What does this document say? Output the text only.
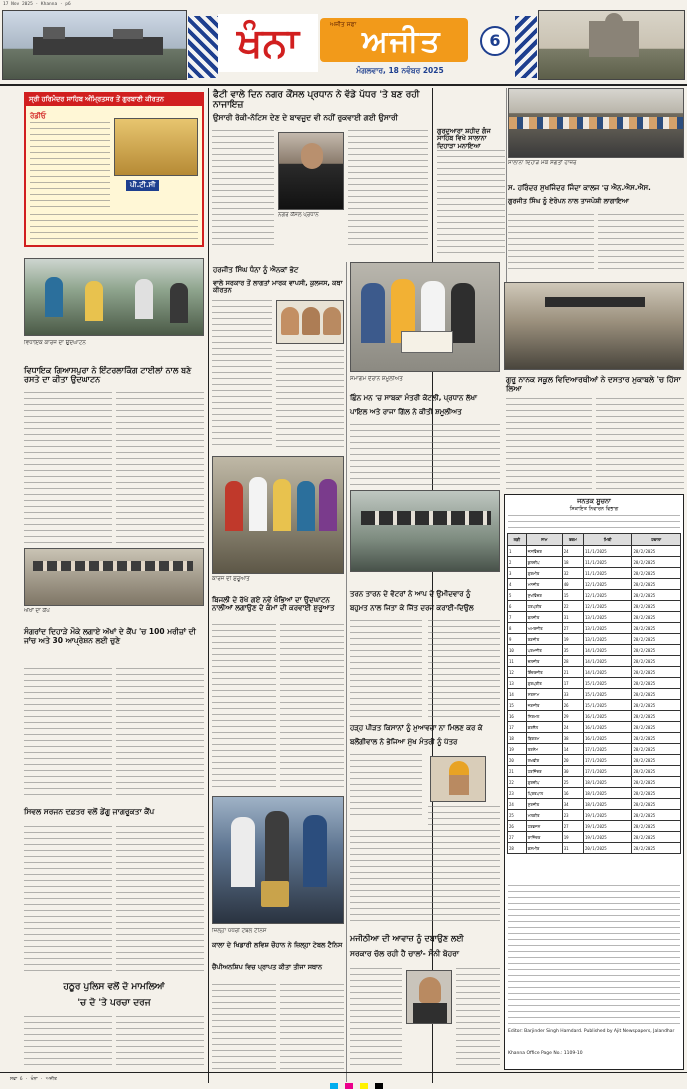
17 Nov 2025 · Khanna · p6
ਖੰਨਾ	ਅਜੀਤ ਸਫਾ ਅਜੀਤ
ਮੰਗਲਵਾਰ, 18 ਨਵੰਬਰ 2025
6
ਸ੍ਰੀ ਹਰਿਮੰਦਰ ਸਾਹਿਬ ਅੰਮ੍ਰਿਤਸਰ ਤੋਂ ਗੁਰਬਾਣੀ ਕੀਰਤਨ
ਰੇਡੀਓ
ਪੀ.ਟੀ.ਸੀ
ਫੈਟੀ ਵਾਲੇ ਦਿਨ ਨਗਰ ਕੌਂਸਲ ਪ੍ਰਧਾਨ ਨੇ ਵੱਡੇ ਪੱਧਰ 'ਤੇ ਬਣ ਰਹੀ ਨਾਜਾਇਜ਼
ਉਸਾਰੀ ਰੋਕੀ-ਨੋਟਿਸ ਦੇਣ ਦੇ ਬਾਵਜੂਦ ਵੀ ਨਹੀਂ ਰੁਕਵਾਈ ਗਈ ਉਸਾਰੀ
ਨਗਰ ਕੌਂਸਲ ਪ੍ਰਧਾਨ
ਗੁਰਦੁਆਰਾ ਸ਼ਹੀਦ ਗੰਜ ਸਾਹਿਬ ਵਿਖੇ ਸਾਲਾਨਾ ਦਿਹਾੜਾ ਮਨਾਇਆ
ਸਾਲਾਨਾ ਦਿਹਾੜੇ ਮੌਕੇ ਸੰਗਤਾਂ ਹਾਜ਼ਰ
ਸ. ਹਰਿੰਦਰ ਸੁਖਜਿੰਦਰ ਜਿੰਦਾ ਕਾਲਜ 'ਚ ਐਨ.ਐਸ.ਐਸ.
ਗੁਰਜੀਤ ਸਿੰਘ ਨੂੰ ਏਰੋਪਨ ਨਾਲ ਤਾਜਪੋਸ਼ੀ ਲਾਗਾਇਆ
ਵਿਧਾਇਕ ਕਾਰਜ ਦਾ ਉਦਘਾਟਨ
ਵਿਧਾਇਕ ਗਿਆਸਪੁਰਾ ਨੇ ਇੰਟਰਲਾਕਿੰਗ ਟਾਈਲਾਂ ਨਾਲ ਬਣੇ ਰਸਤੇ ਦਾ ਕੀਤਾ ਉਦਘਾਟਨ
ਹਰਜੀਤ ਸਿੰਘ ਧੰਨਾ ਨੂੰ ਐਨਕਾਂ ਭੇਟ
ਵਾਲੇ ਸਰਕਾਰ ਤੋਂ ਲਾਗਤਾਂ ਮਾਰਕ ਵਾਪਸੀ, ਕੁਲਜਸ, ਕਥਾ ਕੀਰਤਨ
ਸਮਾਗਮ ਦੌਰਾਨ ਸ਼ਮੂਲੀਅਤ
ਛਿੰਨ ਮਨ 'ਚ ਸਾਬਕਾ ਮੰਤਰੀ ਕੋਟਲੀ, ਪ੍ਰਧਾਨ ਲੱਖਾ
ਪਾਇਲ ਅਤੇ ਰਾਜਾ ਗਿੱਲ ਨੇ ਕੀਤੀ ਸ਼ਮੂਲੀਅਤ
ਗੁਰੂ ਨਾਨਕ ਸਕੂਲ ਵਿਦਿਆਰਥੀਆਂ ਨੇ ਦਸਤਾਰ ਮੁਕਾਬਲੇ 'ਚ ਹਿੱਸਾ ਲਿਆ
ਜਨਤਕ ਸੂਚਨਾ
ਸ਼ਿਕਾਇਤ ਨਿਵਾਰਨ ਵਿਭਾਗ
ਲੜੀ	ਨਾਮ	ਰਕਮ	ਮਿਤੀ	ਹਵਾਲਾ
1	ਜਸਵਿੰਦਰ	24	11/1/2025	28/2/2025
2	ਕੁਲਦੀਪ	18	11/1/2025	28/2/2025
3	ਗੁਰਮੀਤ	32	11/1/2025	28/2/2025
4	ਮਨਜੀਤ	40	12/1/2025	28/2/2025
5	ਸੁਖਵਿੰਦਰ	15	12/1/2025	28/2/2025
6	ਹਰਪ੍ਰੀਤ	22	12/1/2025	28/2/2025
7	ਬਲਜੀਤ	31	13/1/2025	28/2/2025
8	ਅਮਰਜੀਤ	27	13/1/2025	28/2/2025
9	ਰਣਜੀਤ	19	13/1/2025	28/2/2025
10	ਪਰਮਜੀਤ	35	14/1/2025	28/2/2025
11	ਦਲਜੀਤ	28	14/1/2025	28/2/2025
12	ਇੰਦਰਜੀਤ	21	14/1/2025	28/2/2025
13	ਗੁਰਪ੍ਰੀਤ	17	15/1/2025	28/2/2025
14	ਸਤਨਾਮ	33	15/1/2025	28/2/2025
15	ਜਗਜੀਤ	26	15/1/2025	28/2/2025
16	ਨਿਰਮਲ	29	16/1/2025	28/2/2025
17	ਕਰਨੈਲ	24	16/1/2025	28/2/2025
18	ਬਿਕਰਮ	38	16/1/2025	28/2/2025
19	ਤਰਸੇਮ	14	17/1/2025	28/2/2025
20	ਲਖਵੀਰ	20	17/1/2025	28/2/2025
21	ਹਰਜਿੰਦਰ	30	17/1/2025	28/2/2025
22	ਗੁਰਦੀਪ	25	18/1/2025	28/2/2025
23	ਪ੍ਰਿਤਪਾਲ	16	18/1/2025	28/2/2025
24	ਸੁਰਜੀਤ	34	18/1/2025	28/2/2025
25	ਮਲਕੀਤ	23	19/1/2025	28/2/2025
26	ਹਰਭਜਨ	27	19/1/2025	28/2/2025
27	ਰਾਜਿੰਦਰ	19	19/1/2025	28/2/2025
28	ਕਸ਼ਮੀਰ	31	20/1/2025	28/2/2025
Editor: Barjinder Singh Hamdard. Published by Ajit Newspapers, Jalandhar
Khanna Office Page No.: 1109-10
ਅੱਖਾਂ ਦਾ ਕੈਂਪ
ਸੰਗਰਾਂਦ ਦਿਹਾੜੇ ਮੌਕੇ ਲਗਾਏ ਅੱਖਾਂ ਦੇ ਕੈਂਪ 'ਚ 100 ਮਰੀਜ਼ਾਂ ਦੀ ਜਾਂਚ ਅਤੇ 30 ਆਪ੍ਰੇਸ਼ਨ ਲਈ ਚੁਣੇ
ਸਿਵਲ ਸਰਜਨ ਦਫ਼ਤਰ ਵਲੋਂ ਡੇਂਗੂ ਜਾਗਰੂਕਤਾ ਕੈਂਪ
ਹਠੂਰ ਪੁਲਿਸ ਵਲੋਂ ਦੋ ਮਾਮਲਿਆਂ
'ਚ ਦੋ 'ਤੇ ਪਰਚਾ ਦਰਜ
ਕਾਰਜ ਦੀ ਸ਼ੁਰੂਆਤ
ਬਿਜਲੀ ਦੇ ਰੱਖੇ ਗਏ ਨਵੇਂ ਖੰਭਿਆਂ ਦਾ ਉਦਘਾਟਨ ਨਾਲੀਆਂ ਲਗਾਉਣ ਦੇ ਕੰਮਾਂ ਦੀ ਕਰਵਾਈ ਸ਼ੁਰੂਆਤ
ਤਰਨ ਤਾਰਨ ਦੇ ਵੋਟਰਾਂ ਨੇ ਆਪ ਦੇ ਉਮੀਦਵਾਰ ਨੂੰ
ਬਹੁਮਤ ਨਾਲ ਜਿਤਾ ਕੇ ਜਿੱਤ ਦਰਜ ਕਰਾਈ-ਦਿਉਲ
ਹੜ੍ਹ ਪੀੜਤ ਕਿਸਾਨਾਂ ਨੂੰ ਮੁਆਵਜ਼ਾ ਨਾ ਮਿਲਣ ਕਰ ਕੇ
ਬਲੌਂਗੀਵਾਲ ਨੇ ਭੇਜਿਆ ਮੁੱਖ ਮੰਤਰੀ ਨੂੰ ਪੱਤਰ
ਜ਼ਿਲ੍ਹਾ ਪੱਧਰੀ ਟੇਬਲ ਟੈਨਿਸ
ਕਾਲਾ ਦੇ ਖਿਡਾਰੀ ਲਵਿਸ਼ ਚੌਹਾਨ ਨੇ ਜ਼ਿਲ੍ਹਾ ਟੇਬਲ ਟੈਨਿਸ
ਚੈਂਪੀਅਨਸ਼ਿਪ ਵਿਚ ਪ੍ਰਾਪਤ ਕੀਤਾ ਤੀਜਾ ਸਥਾਨ
ਮਜੀਠੀਆ ਦੀ ਆਵਾਜ਼ ਨੂੰ ਦਬਾਉਣ ਲਈ
ਸਰਕਾਰ ਚੱਲ ਰਹੀ ਹੈ ਚਾਲਾਂ- ਸੰਨੀ ਬੋਹਰਾ
ਸਫਾ 6 · ਖੰਨਾ · ਅਜੀਤ
